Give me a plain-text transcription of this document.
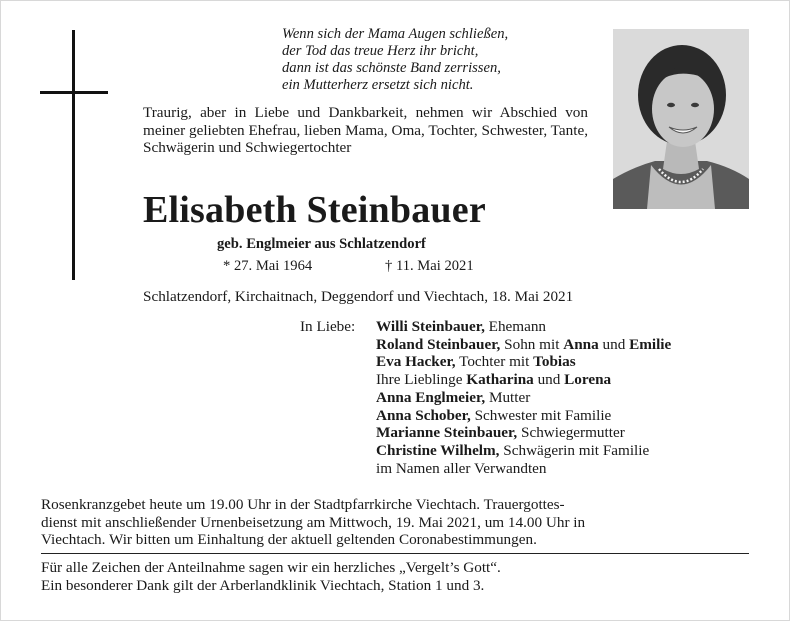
Wenn sich der Mama Augen schließen,
der Tod das treue Herz ihr bricht,
dann ist das schönste Band zerrissen,
ein Mutterherz ersetzt sich nicht.
Traurig, aber in Liebe und Dankbarkeit, nehmen wir Abschied von meiner geliebten Ehefrau, lieben Mama, Oma, Tochter, Schwester, Tante, Schwägerin und Schwiegertochter
Elisabeth Steinbauer
geb. Englmeier aus Schlatzendorf
* 27. Mai 1964	† 11. Mai 2021
Schlatzendorf, Kirchaitnach, Deggendorf und Viechtach, 18. Mai 2021
In Liebe: Willi Steinbauer, Ehemann
Roland Steinbauer, Sohn mit Anna und Emilie
Eva Hacker, Tochter mit Tobias
Ihre Lieblinge Katharina und Lorena
Anna Englmeier, Mutter
Anna Schober, Schwester mit Familie
Marianne Steinbauer, Schwiegermutter
Christine Wilhelm, Schwägerin mit Familie
im Namen aller Verwandten
Rosenkranzgebet heute um 19.00 Uhr in der Stadtpfarrkirche Viechtach. Trauergottes-
dienst mit anschließender Urnenbeisetzung am Mittwoch, 19. Mai 2021, um 14.00 Uhr in
Viechtach. Wir bitten um Einhaltung der aktuell geltenden Coronabestimmungen.
Für alle Zeichen der Anteilnahme sagen wir ein herzliches „Vergelt’s Gott“.
Ein besonderer Dank gilt der Arberlandklinik Viechtach, Station 1 und 3.
